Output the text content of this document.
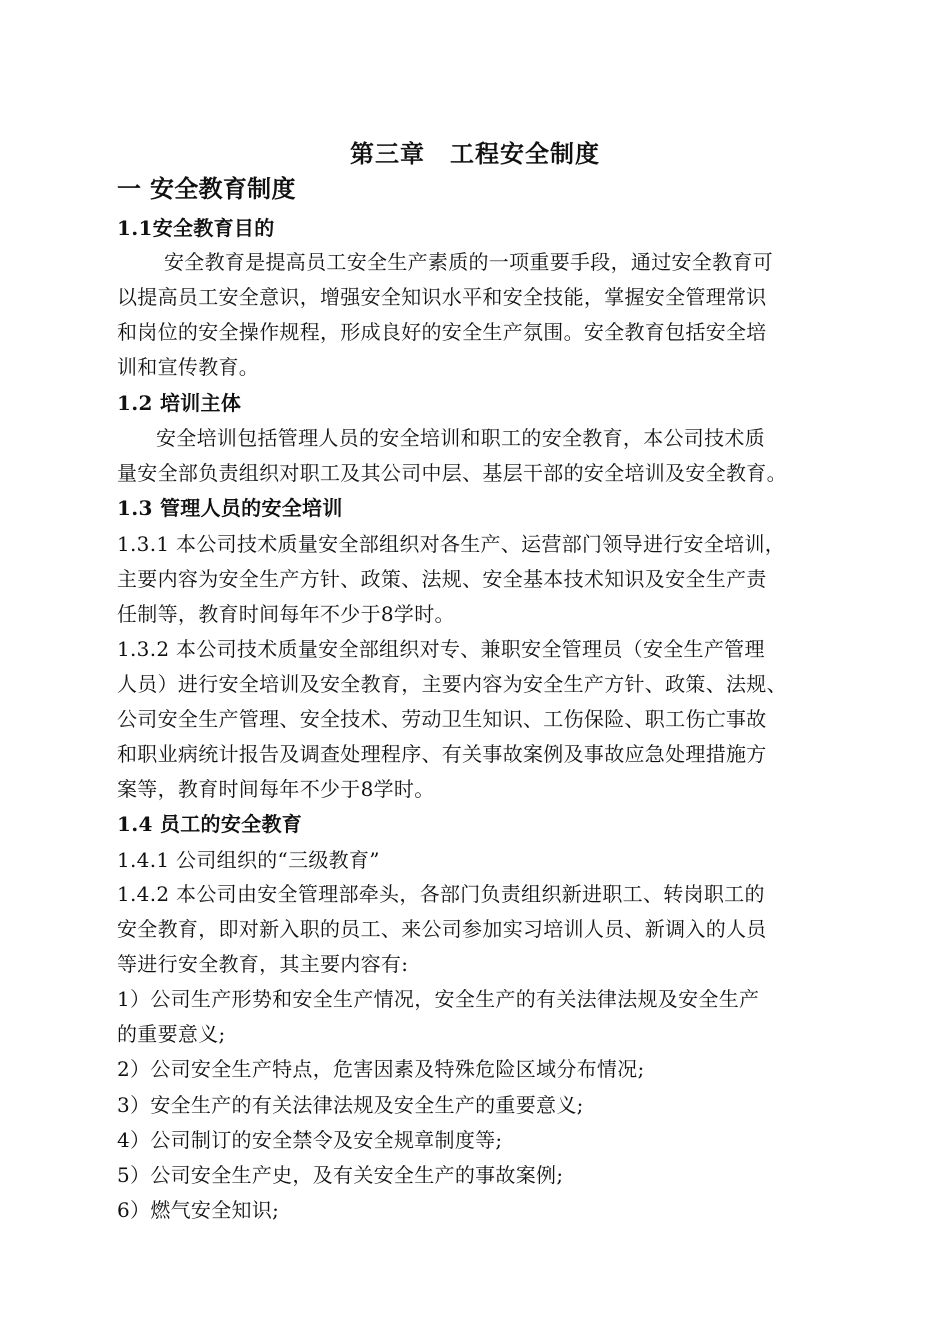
第三章　工程安全制度
一 安全教育制度
1.1安全教育目的
安全教育是提高员工安全生产素质的一项重要手段，通过安全教育可
以提高员工安全意识，增强安全知识水平和安全技能，掌握安全管理常识
和岗位的安全操作规程，形成良好的安全生产氛围。安全教育包括安全培
训和宣传教育。
1.2 培训主体
安全培训包括管理人员的安全培训和职工的安全教育，本公司技术质
量安全部负责组织对职工及其公司中层、基层干部的安全培训及安全教育。
1.3 管理人员的安全培训
1.3.1 本公司技术质量安全部组织对各生产、运营部门领导进行安全培训，
主要内容为安全生产方针、政策、法规、安全基本技术知识及安全生产责
任制等，教育时间每年不少于8学时。
1.3.2 本公司技术质量安全部组织对专、兼职安全管理员（安全生产管理
人员）进行安全培训及安全教育，主要内容为安全生产方针、政策、法规、
公司安全生产管理、安全技术、劳动卫生知识、工伤保险、职工伤亡事故
和职业病统计报告及调查处理程序、有关事故案例及事故应急处理措施方
案等，教育时间每年不少于8学时。
1.4 员工的安全教育
1.4.1 公司组织的“三级教育”
1.4.2 本公司由安全管理部牵头，各部门负责组织新进职工、转岗职工的
安全教育，即对新入职的员工、来公司参加实习培训人员、新调入的人员
等进行安全教育，其主要内容有:
1）公司生产形势和安全生产情况，安全生产的有关法律法规及安全生产
的重要意义;
2）公司安全生产特点，危害因素及特殊危险区域分布情况;
3）安全生产的有关法律法规及安全生产的重要意义;
4）公司制订的安全禁令及安全规章制度等;
5）公司安全生产史，及有关安全生产的事故案例;
6）燃气安全知识;
